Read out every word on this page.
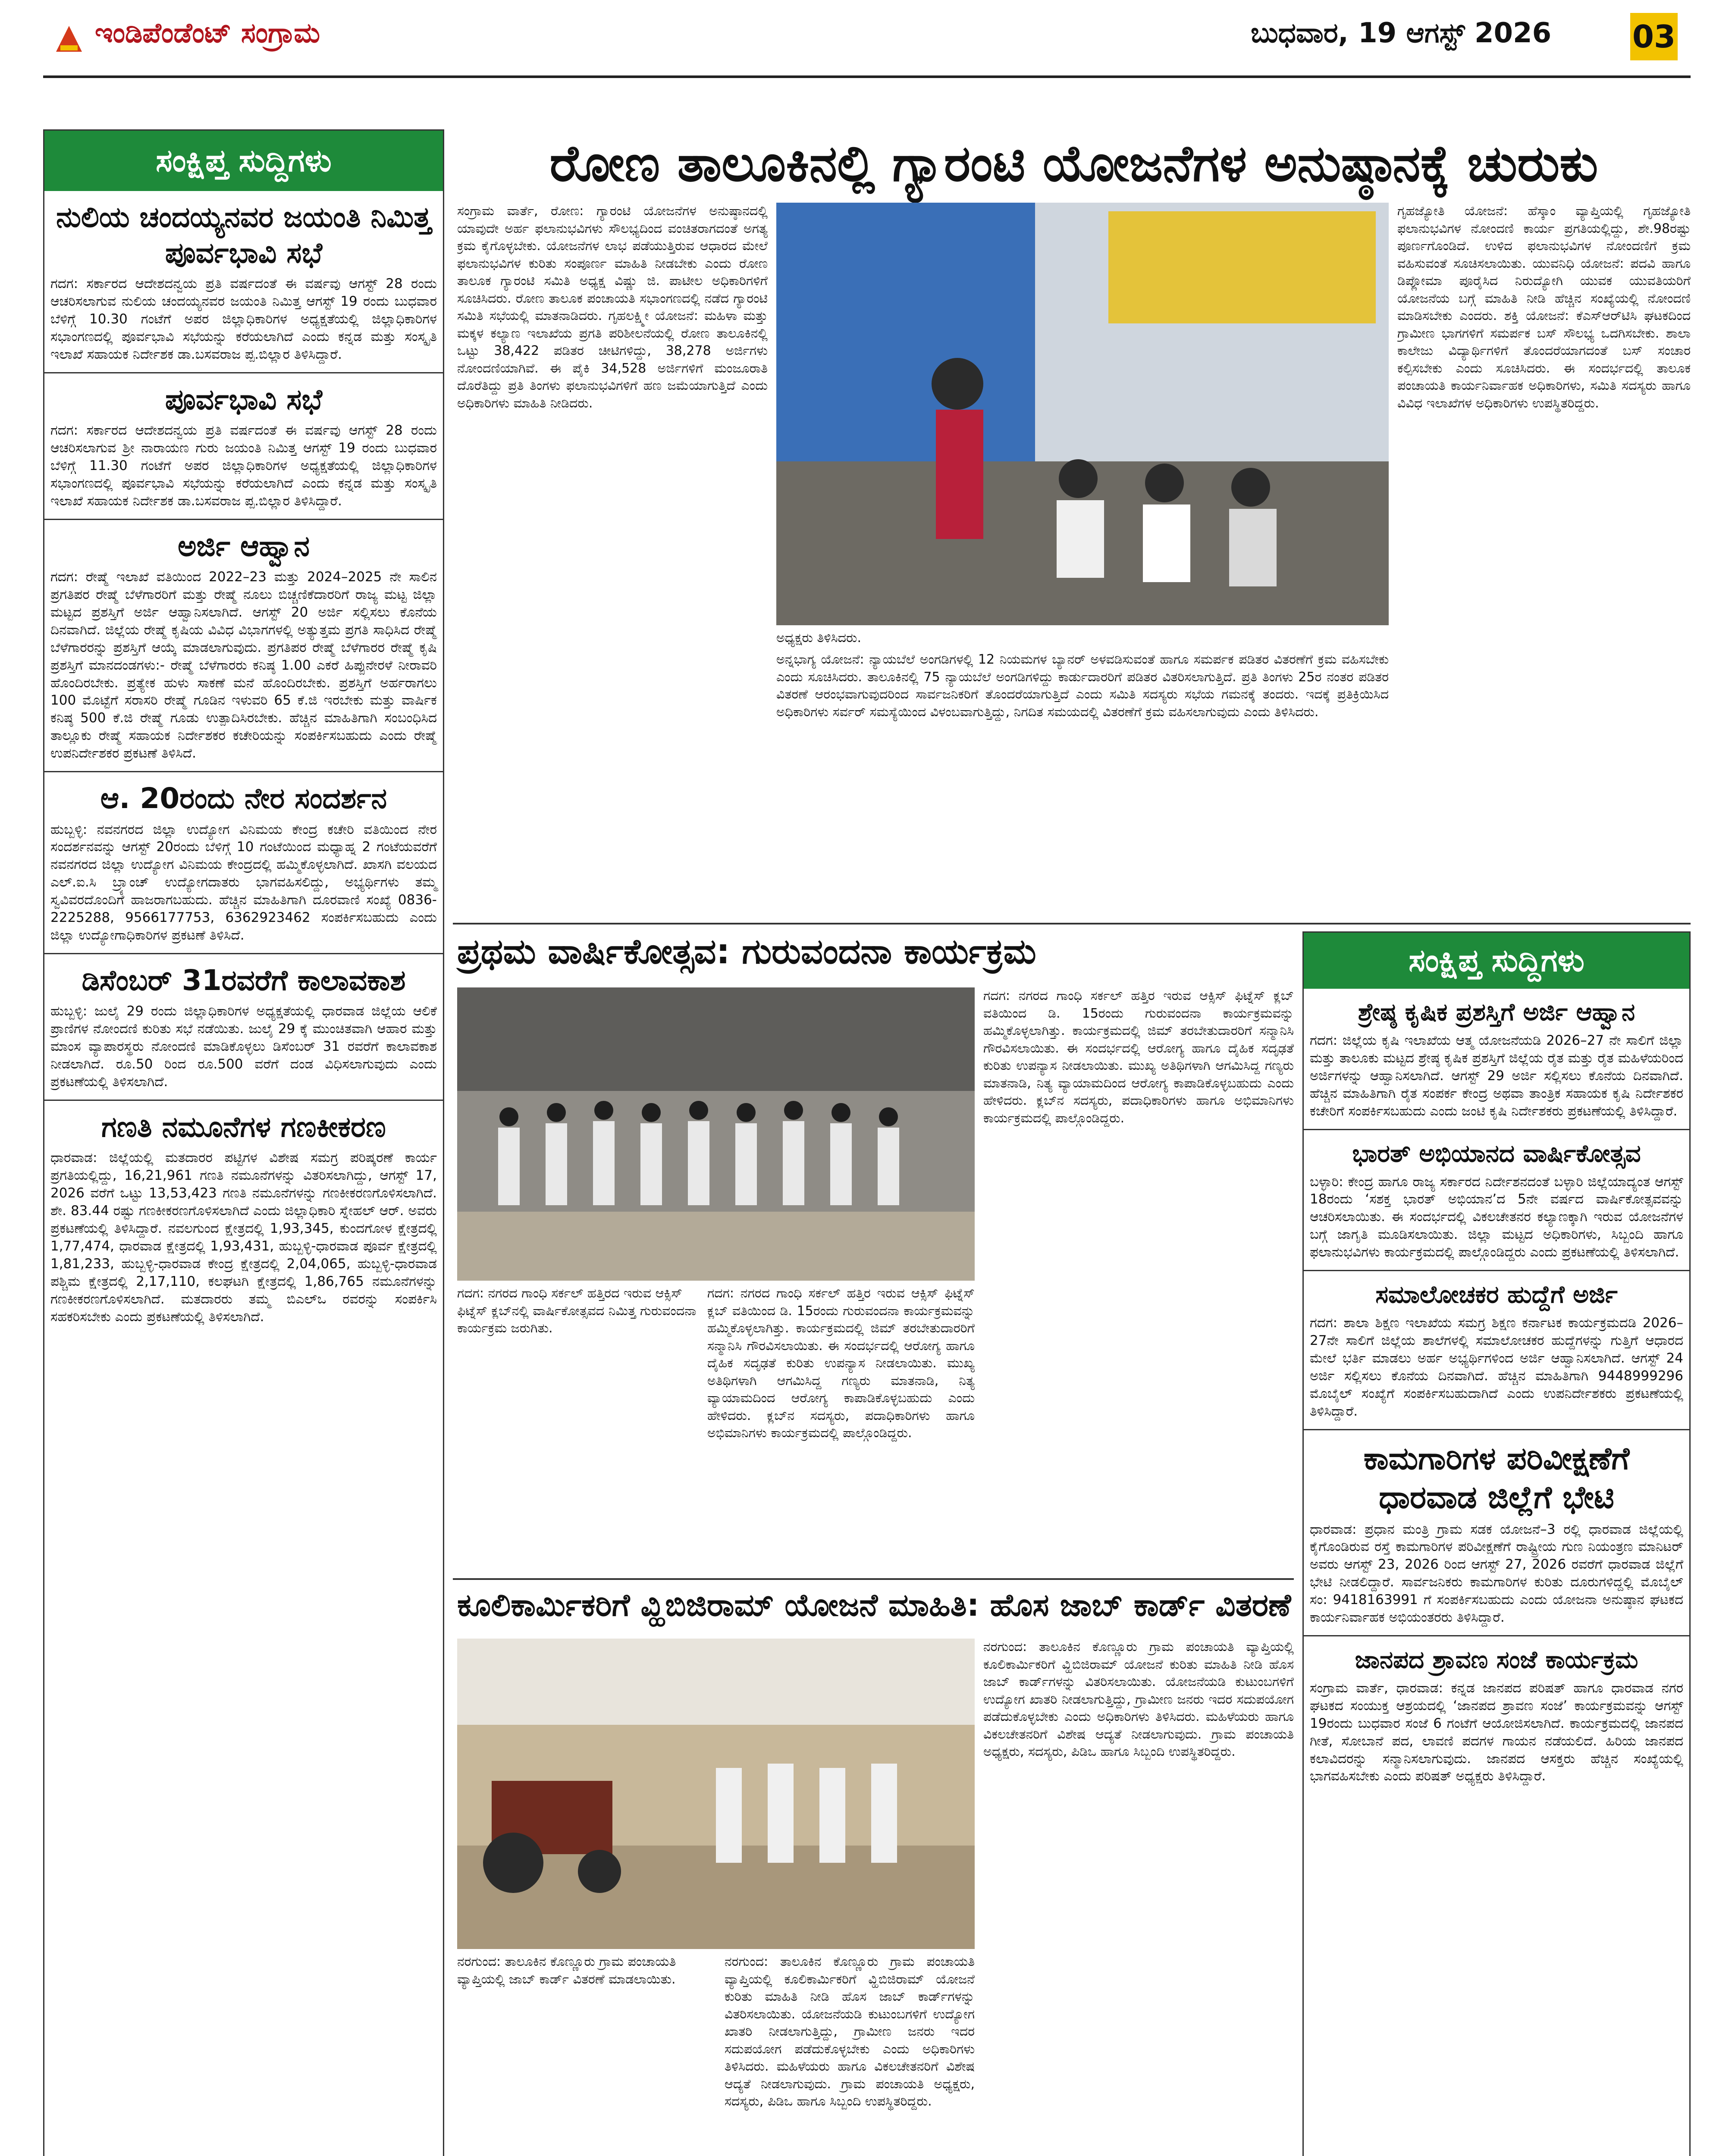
ಇಂಡಿಪೆಂಡೆಂಟ್ ಸಂಗ್ರಾಮ	ಬುಧವಾರ, 19 ಆಗಸ್ಟ್ 2026	03
ಸಂಕ್ಷಿಪ್ತ ಸುದ್ದಿಗಳು
ನುಲಿಯ ಚಂದಯ್ಯನವರ ಜಯಂತಿ ನಿಮಿತ್ತ ಪೂರ್ವಭಾವಿ ಸಭೆ

ಗದಗ: ಸರ್ಕಾರದ ಆದೇಶದನ್ವಯ ಪ್ರತಿ ವರ್ಷದಂತೆ ಈ ವರ್ಷವು ಆಗಸ್ಟ್ 28 ರಂದು ಆಚರಿಸಲಾಗುವ ನುಲಿಯ ಚಂದಯ್ಯನವರ ಜಯಂತಿ ನಿಮಿತ್ತ ಆಗಸ್ಟ್ 19 ರಂದು ಬುಧವಾರ ಬೆಳಿಗ್ಗೆ 10.30 ಗಂಟೆಗೆ ಅಪರ ಜಿಲ್ಲಾಧಿಕಾರಿಗಳ ಅಧ್ಯಕ್ಷತೆಯಲ್ಲಿ ಜಿಲ್ಲಾಧಿಕಾರಿಗಳ ಸಭಾಂಗಣದಲ್ಲಿ ಪೂರ್ವಭಾವಿ ಸಭೆಯನ್ನು ಕರೆಯಲಾಗಿದೆ ಎಂದು ಕನ್ನಡ ಮತ್ತು ಸಂಸ್ಕೃತಿ ಇಲಾಖೆ ಸಹಾಯಕ ನಿರ್ದೇಶಕ ಡಾ.ಬಸವರಾಜ ಪ್ಪ.ಬಿಲ್ಲಾರ ತಿಳಿಸಿದ್ದಾರೆ.

ಪೂರ್ವಭಾವಿ ಸಭೆ

ಗದಗ: ಸರ್ಕಾರದ ಆದೇಶದನ್ವಯ ಪ್ರತಿ ವರ್ಷದಂತೆ ಈ ವರ್ಷವು ಆಗಸ್ಟ್ 28 ರಂದು ಆಚರಿಸಲಾಗುವ ಶ್ರೀ ನಾರಾಯಣ ಗುರು ಜಯಂತಿ ನಿಮಿತ್ತ ಆಗಸ್ಟ್ 19 ರಂದು ಬುಧವಾರ ಬೆಳಿಗ್ಗೆ 11.30 ಗಂಟೆಗೆ ಅಪರ ಜಿಲ್ಲಾಧಿಕಾರಿಗಳ ಅಧ್ಯಕ್ಷತೆಯಲ್ಲಿ ಜಿಲ್ಲಾಧಿಕಾರಿಗಳ ಸಭಾಂಗಣದಲ್ಲಿ ಪೂರ್ವಭಾವಿ ಸಭೆಯನ್ನು ಕರೆಯಲಾಗಿದೆ ಎಂದು ಕನ್ನಡ ಮತ್ತು ಸಂಸ್ಕೃತಿ ಇಲಾಖೆ ಸಹಾಯಕ ನಿರ್ದೇಶಕ ಡಾ.ಬಸವರಾಜ ಪ್ಪ.ಬಿಲ್ಲಾರ ತಿಳಿಸಿದ್ದಾರೆ.

ಅರ್ಜಿ ಆಹ್ವಾನ

ಗದಗ: ರೇಷ್ಮೆ ಇಲಾಖೆ ವತಿಯಿಂದ 2022–23 ಮತ್ತು 2024–2025 ನೇ ಸಾಲಿನ ಪ್ರಗತಿಪರ ರೇಷ್ಮೆ ಬೆಳೆಗಾರರಿಗೆ ಮತ್ತು ರೇಷ್ಮೆ ನೂಲು ಬಿಚ್ಚಣಿಕೆದಾರರಿಗೆ ರಾಜ್ಯ ಮಟ್ಟ ಜಿಲ್ಲಾ ಮಟ್ಟದ ಪ್ರಶಸ್ತಿಗೆ ಅರ್ಜಿ ಆಹ್ವಾನಿಸಲಾಗಿದೆ. ಆಗಸ್ಟ್ 20 ಅರ್ಜಿ ಸಲ್ಲಿಸಲು ಕೊನೆಯ ದಿನವಾಗಿದೆ. ಜಿಲ್ಲೆಯ ರೇಷ್ಮೆ ಕೃಷಿಯ ವಿವಿಧ ವಿಭಾಗಗಳಲ್ಲಿ ಅತ್ಯುತ್ತಮ ಪ್ರಗತಿ ಸಾಧಿಸಿದ ರೇಷ್ಮೆ ಬೆಳೆಗಾರರನ್ನು ಪ್ರಶಸ್ತಿಗೆ ಆಯ್ಕೆ ಮಾಡಲಾಗುವುದು. ಪ್ರಗತಿಪರ ರೇಷ್ಮೆ ಬೆಳೆಗಾರರ ರೇಷ್ಮೆ ಕೃಷಿ ಪ್ರಶಸ್ತಿಗೆ ಮಾನದಂಡಗಳು:- ರೇಷ್ಮೆ ಬೆಳೆಗಾರರು ಕನಿಷ್ಠ 1.00 ಎಕರೆ ಹಿಪ್ಪುನೇರಳೆ ನೀರಾವರಿ ಹೊಂದಿರಬೇಕು. ಪ್ರತ್ಯೇಕ ಹುಳು ಸಾಕಣೆ ಮನೆ ಹೊಂದಿರಬೇಕು. ಪ್ರಶಸ್ತಿಗೆ ಅರ್ಹರಾಗಲು 100 ಮೊಟ್ಟೆಗೆ ಸರಾಸರಿ ರೇಷ್ಮೆ ಗೂಡಿನ ಇಳುವರಿ 65 ಕೆ.ಜಿ ಇರಬೇಕು ಮತ್ತು ವಾರ್ಷಿಕ ಕನಿಷ್ಠ 500 ಕೆ.ಜಿ ರೇಷ್ಮೆ ಗೂಡು ಉತ್ಪಾದಿಸಿರಬೇಕು. ಹೆಚ್ಚಿನ ಮಾಹಿತಿಗಾಗಿ ಸಂಬಂಧಿಸಿದ ತಾಲ್ಲೂಕು ರೇಷ್ಮೆ ಸಹಾಯಕ ನಿರ್ದೇಶಕರ ಕಚೇರಿಯನ್ನು ಸಂಪರ್ಕಿಸಬಹುದು ಎಂದು ರೇಷ್ಮೆ ಉಪನಿರ್ದೇಶಕರ ಪ್ರಕಟಣೆ ತಿಳಿಸಿದೆ.

ಆ. 20ರಂದು ನೇರ ಸಂದರ್ಶನ

ಹುಬ್ಬಳ್ಳಿ: ನವನಗರದ ಜಿಲ್ಲಾ ಉದ್ಯೋಗ ವಿನಿಮಯ ಕೇಂದ್ರ ಕಚೇರಿ ವತಿಯಿಂದ ನೇರ ಸಂದರ್ಶನವನ್ನು ಆಗಸ್ಟ್ 20ರಂದು ಬೆಳಿಗ್ಗೆ 10 ಗಂಟೆಯಿಂದ ಮಧ್ಯಾಹ್ನ 2 ಗಂಟೆಯವರೆಗೆ ನವನಗರದ ಜಿಲ್ಲಾ ಉದ್ಯೋಗ ವಿನಿಮಯ ಕೇಂದ್ರದಲ್ಲಿ ಹಮ್ಮಿಕೊಳ್ಳಲಾಗಿದೆ. ಖಾಸಗಿ ವಲಯದ ಎಲ್.ಐ.ಸಿ ಬ್ರ್ಯಾಂಚ್ ಉದ್ಯೋಗದಾತರು ಭಾಗವಹಿಸಲಿದ್ದು, ಅಭ್ಯರ್ಥಿಗಳು ತಮ್ಮ ಸ್ವವಿವರದೊಂದಿಗೆ ಹಾಜರಾಗಬಹುದು. ಹೆಚ್ಚಿನ ಮಾಹಿತಿಗಾಗಿ ದೂರವಾಣಿ ಸಂಖ್ಯೆ 0836-2225288, 9566177753, 6362923462 ಸಂಪರ್ಕಿಸಬಹುದು ಎಂದು ಜಿಲ್ಲಾ ಉದ್ಯೋಗಾಧಿಕಾರಿಗಳ ಪ್ರಕಟಣೆ ತಿಳಿಸಿದೆ.

ಡಿಸೆಂಬರ್ 31ರವರೆಗೆ ಕಾಲಾವಕಾಶ

ಹುಬ್ಬಳ್ಳಿ: ಜುಲೈ 29 ರಂದು ಜಿಲ್ಲಾಧಿಕಾರಿಗಳ ಅಧ್ಯಕ್ಷತೆಯಲ್ಲಿ ಧಾರವಾಡ ಜಿಲ್ಲೆಯ ಆಲಿಕೆ ಪ್ರಾಣಿಗಳ ನೋಂದಣಿ ಕುರಿತು ಸಭೆ ನಡೆಯಿತು. ಜುಲೈ 29 ಕ್ಕೆ ಮುಂಚಿತವಾಗಿ ಆಹಾರ ಮತ್ತು ಮಾಂಸ ವ್ಯಾಪಾರಸ್ಥರು ನೋಂದಣಿ ಮಾಡಿಕೊಳ್ಳಲು ಡಿಸೆಂಬರ್ 31 ರವರೆಗೆ ಕಾಲಾವಕಾಶ ನೀಡಲಾಗಿದೆ. ರೂ.50 ರಿಂದ ರೂ.500 ವರೆಗೆ ದಂಡ ವಿಧಿಸಲಾಗುವುದು ಎಂದು ಪ್ರಕಟಣೆಯಲ್ಲಿ ತಿಳಿಸಲಾಗಿದೆ.

ಗಣತಿ ನಮೂನೆಗಳ ಗಣಕೀಕರಣ

ಧಾರವಾಡ: ಜಿಲ್ಲೆಯಲ್ಲಿ ಮತದಾರರ ಪಟ್ಟಿಗಳ ವಿಶೇಷ ಸಮಗ್ರ ಪರಿಷ್ಕರಣೆ ಕಾರ್ಯ ಪ್ರಗತಿಯಲ್ಲಿದ್ದು, 16,21,961 ಗಣತಿ ನಮೂನೆಗಳನ್ನು ವಿತರಿಸಲಾಗಿದ್ದು, ಆಗಸ್ಟ್ 17, 2026 ವರೆಗೆ ಒಟ್ಟು 13,53,423 ಗಣತಿ ನಮೂನೆಗಳನ್ನು ಗಣಕೀಕರಣಗೊಳಿಸಲಾಗಿದೆ. ಶೇ. 83.44 ರಷ್ಟು ಗಣಕೀಕರಣಗೊಳಿಸಲಾಗಿದೆ ಎಂದು ಜಿಲ್ಲಾಧಿಕಾರಿ ಸ್ನೇಹಲ್ ಆರ್. ಅವರು ಪ್ರಕಟಣೆಯಲ್ಲಿ ತಿಳಿಸಿದ್ದಾರೆ. ನವಲಗುಂದ ಕ್ಷೇತ್ರದಲ್ಲಿ 1,93,345, ಕುಂದಗೋಳ ಕ್ಷೇತ್ರದಲ್ಲಿ 1,77,474, ಧಾರವಾಡ ಕ್ಷೇತ್ರದಲ್ಲಿ 1,93,431, ಹುಬ್ಬಳ್ಳಿ-ಧಾರವಾಡ ಪೂರ್ವ ಕ್ಷೇತ್ರದಲ್ಲಿ 1,81,233, ಹುಬ್ಬಳ್ಳಿ-ಧಾರವಾಡ ಕೇಂದ್ರ ಕ್ಷೇತ್ರದಲ್ಲಿ 2,04,065, ಹುಬ್ಬಳ್ಳಿ-ಧಾರವಾಡ ಪಶ್ಚಿಮ ಕ್ಷೇತ್ರದಲ್ಲಿ 2,17,110, ಕಲಘಟಗಿ ಕ್ಷೇತ್ರದಲ್ಲಿ 1,86,765 ನಮೂನೆಗಳನ್ನು ಗಣಕೀಕರಣಗೊಳಿಸಲಾಗಿದೆ. ಮತದಾರರು ತಮ್ಮ ಬಿಎಲ್‌ಒ ರವರನ್ನು ಸಂಪರ್ಕಿಸಿ ಸಹಕರಿಸಬೇಕು ಎಂದು ಪ್ರಕಟಣೆಯಲ್ಲಿ ತಿಳಿಸಲಾಗಿದೆ.

ರೋಣ ತಾಲೂಕಿನಲ್ಲಿ ಗ್ಯಾರಂಟಿ ಯೋಜನೆಗಳ ಅನುಷ್ಠಾನಕ್ಕೆ ಚುರುಕು
ಸಂಗ್ರಾಮ ವಾರ್ತೆ, ರೋಣ: ಗ್ಯಾರಂಟಿ ಯೋಜನೆಗಳ ಅನುಷ್ಠಾನದಲ್ಲಿ ಯಾವುದೇ ಅರ್ಹ ಫಲಾನುಭವಿಗಳು ಸೌಲಭ್ಯದಿಂದ ವಂಚಿತರಾಗದಂತೆ ಅಗತ್ಯ ಕ್ರಮ ಕೈಗೊಳ್ಳಬೇಕು. ಯೋಜನೆಗಳ ಲಾಭ ಪಡೆಯುತ್ತಿರುವ ಆಧಾರದ ಮೇಲೆ ಫಲಾನುಭವಿಗಳ ಕುರಿತು ಸಂಪೂರ್ಣ ಮಾಹಿತಿ ನೀಡಬೇಕು ಎಂದು ರೋಣ ತಾಲೂಕ ಗ್ಯಾರಂಟಿ ಸಮಿತಿ ಅಧ್ಯಕ್ಷ ವಿಷ್ಣು ಜಿ. ಪಾಟೀಲ ಅಧಿಕಾರಿಗಳಿಗೆ ಸೂಚಿಸಿದರು. ರೋಣ ತಾಲೂಕ ಪಂಚಾಯತಿ ಸಭಾಂಗಣದಲ್ಲಿ ನಡೆದ ಗ್ಯಾರಂಟಿ ಸಮಿತಿ ಸಭೆಯಲ್ಲಿ ಮಾತನಾಡಿದರು. ಗೃಹಲಕ್ಷ್ಮೀ ಯೋಜನೆ: ಮಹಿಳಾ ಮತ್ತು ಮಕ್ಕಳ ಕಲ್ಯಾಣ ಇಲಾಖೆಯ ಪ್ರಗತಿ ಪರಿಶೀಲನೆಯಲ್ಲಿ ರೋಣ ತಾಲೂಕಿನಲ್ಲಿ ಒಟ್ಟು 38,422 ಪಡಿತರ ಚೀಟಿಗಳಿದ್ದು, 38,278 ಅರ್ಜಿಗಳು ನೋಂದಣಿಯಾಗಿವೆ. ಈ ಪೈಕಿ 34,528 ಅರ್ಜಿಗಳಿಗೆ ಮಂಜೂರಾತಿ ದೊರೆತಿದ್ದು ಪ್ರತಿ ತಿಂಗಳು ಫಲಾನುಭವಿಗಳಿಗೆ ಹಣ ಜಮೆಯಾಗುತ್ತಿದೆ ಎಂದು ಅಧಿಕಾರಿಗಳು ಮಾಹಿತಿ ನೀಡಿದರು.
ಅಧ್ಯಕ್ಷರು ತಿಳಿಸಿದರು.
ಅನ್ನಭಾಗ್ಯ ಯೋಜನೆ: ನ್ಯಾಯಬೆಲೆ ಅಂಗಡಿಗಳಲ್ಲಿ 12 ನಿಯಮಗಳ ಬ್ಯಾನರ್ ಅಳವಡಿಸುವಂತೆ ಹಾಗೂ ಸಮರ್ಪಕ ಪಡಿತರ ವಿತರಣೆಗೆ ಕ್ರಮ ವಹಿಸಬೇಕು ಎಂದು ಸೂಚಿಸಿದರು. ತಾಲೂಕಿನಲ್ಲಿ 75 ನ್ಯಾಯಬೆಲೆ ಅಂಗಡಿಗಳಿದ್ದು ಕಾರ್ಡುದಾರರಿಗೆ ಪಡಿತರ ವಿತರಿಸಲಾಗುತ್ತಿದೆ. ಪ್ರತಿ ತಿಂಗಳು 25ರ ನಂತರ ಪಡಿತರ ವಿತರಣೆ ಆರಂಭವಾಗುವುದರಿಂದ ಸಾರ್ವಜನಿಕರಿಗೆ ತೊಂದರೆಯಾಗುತ್ತಿದೆ ಎಂದು ಸಮಿತಿ ಸದಸ್ಯರು ಸಭೆಯ ಗಮನಕ್ಕೆ ತಂದರು. ಇದಕ್ಕೆ ಪ್ರತಿಕ್ರಿಯಿಸಿದ ಅಧಿಕಾರಿಗಳು ಸರ್ವರ್ ಸಮಸ್ಯೆಯಿಂದ ವಿಳಂಬವಾಗುತ್ತಿದ್ದು, ನಿಗದಿತ ಸಮಯದಲ್ಲಿ ವಿತರಣೆಗೆ ಕ್ರಮ ವಹಿಸಲಾಗುವುದು ಎಂದು ತಿಳಿಸಿದರು.
ಗೃಹಜ್ಯೋತಿ ಯೋಜನೆ: ಹೆಸ್ಕಾಂ ವ್ಯಾಪ್ತಿಯಲ್ಲಿ ಗೃಹಜ್ಯೋತಿ ಫಲಾನುಭವಿಗಳ ನೋಂದಣಿ ಕಾರ್ಯ ಪ್ರಗತಿಯಲ್ಲಿದ್ದು, ಶೇ.98ರಷ್ಟು ಪೂರ್ಣಗೊಂಡಿದೆ. ಉಳಿದ ಫಲಾನುಭವಿಗಳ ನೋಂದಣಿಗೆ ಕ್ರಮ ವಹಿಸುವಂತೆ ಸೂಚಿಸಲಾಯಿತು. ಯುವನಿಧಿ ಯೋಜನೆ: ಪದವಿ ಹಾಗೂ ಡಿಪ್ಲೋಮಾ ಪೂರೈಸಿದ ನಿರುದ್ಯೋಗಿ ಯುವಕ ಯುವತಿಯರಿಗೆ ಯೋಜನೆಯ ಬಗ್ಗೆ ಮಾಹಿತಿ ನೀಡಿ ಹೆಚ್ಚಿನ ಸಂಖ್ಯೆಯಲ್ಲಿ ನೋಂದಣಿ ಮಾಡಿಸಬೇಕು ಎಂದರು. ಶಕ್ತಿ ಯೋಜನೆ: ಕೆಎಸ್ಆರ್‌ಟಿಸಿ ಘಟಕದಿಂದ ಗ್ರಾಮೀಣ ಭಾಗಗಳಿಗೆ ಸಮರ್ಪಕ ಬಸ್ ಸೌಲಭ್ಯ ಒದಗಿಸಬೇಕು. ಶಾಲಾ ಕಾಲೇಜು ವಿದ್ಯಾರ್ಥಿಗಳಿಗೆ ತೊಂದರೆಯಾಗದಂತೆ ಬಸ್ ಸಂಚಾರ ಕಲ್ಪಿಸಬೇಕು ಎಂದು ಸೂಚಿಸಿದರು. ಈ ಸಂದರ್ಭದಲ್ಲಿ ತಾಲೂಕ ಪಂಚಾಯತಿ ಕಾರ್ಯನಿರ್ವಾಹಕ ಅಧಿಕಾರಿಗಳು, ಸಮಿತಿ ಸದಸ್ಯರು ಹಾಗೂ ವಿವಿಧ ಇಲಾಖೆಗಳ ಅಧಿಕಾರಿಗಳು ಉಪಸ್ಥಿತರಿದ್ದರು.
ಪ್ರಥಮ ವಾರ್ಷಿಕೋತ್ಸವ: ಗುರುವಂದನಾ ಕಾರ್ಯಕ್ರಮ
ಗದಗ: ನಗರದ ಗಾಂಧಿ ಸರ್ಕಲ್ ಹತ್ತಿರದ ಇರುವ ಆಕ್ಸಿಸ್ ಫಿಟ್ನೆಸ್ ಕ್ಲಬ್‌ನಲ್ಲಿ ವಾರ್ಷಿಕೋತ್ಸವದ ನಿಮಿತ್ತ ಗುರುವಂದನಾ ಕಾರ್ಯಕ್ರಮ ಜರುಗಿತು.
ಗದಗ: ನಗರದ ಗಾಂಧಿ ಸರ್ಕಲ್ ಹತ್ತಿರ ಇರುವ ಆಕ್ಸಿಸ್ ಫಿಟ್ನೆಸ್ ಕ್ಲಬ್ ವತಿಯಿಂದ ಡಿ. 15ರಂದು ಗುರುವಂದನಾ ಕಾರ್ಯಕ್ರಮವನ್ನು ಹಮ್ಮಿಕೊಳ್ಳಲಾಗಿತ್ತು. ಕಾರ್ಯಕ್ರಮದಲ್ಲಿ ಜಿಮ್ ತರಬೇತುದಾರರಿಗೆ ಸನ್ಮಾನಿಸಿ ಗೌರವಿಸಲಾಯಿತು. ಈ ಸಂದರ್ಭದಲ್ಲಿ ಆರೋಗ್ಯ ಹಾಗೂ ದೈಹಿಕ ಸದೃಢತೆ ಕುರಿತು ಉಪನ್ಯಾಸ ನೀಡಲಾಯಿತು. ಮುಖ್ಯ ಅತಿಥಿಗಳಾಗಿ ಆಗಮಿಸಿದ್ದ ಗಣ್ಯರು ಮಾತನಾಡಿ, ನಿತ್ಯ ವ್ಯಾಯಾಮದಿಂದ ಆರೋಗ್ಯ ಕಾಪಾಡಿಕೊಳ್ಳಬಹುದು ಎಂದು ಹೇಳಿದರು. ಕ್ಲಬ್‌ನ ಸದಸ್ಯರು, ಪದಾಧಿಕಾರಿಗಳು ಹಾಗೂ ಅಭಿಮಾನಿಗಳು ಕಾರ್ಯಕ್ರಮದಲ್ಲಿ ಪಾಲ್ಗೊಂಡಿದ್ದರು.
ಗದಗ: ನಗರದ ಗಾಂಧಿ ಸರ್ಕಲ್ ಹತ್ತಿರ ಇರುವ ಆಕ್ಸಿಸ್ ಫಿಟ್ನೆಸ್ ಕ್ಲಬ್ ವತಿಯಿಂದ ಡಿ. 15ರಂದು ಗುರುವಂದನಾ ಕಾರ್ಯಕ್ರಮವನ್ನು ಹಮ್ಮಿಕೊಳ್ಳಲಾಗಿತ್ತು. ಕಾರ್ಯಕ್ರಮದಲ್ಲಿ ಜಿಮ್ ತರಬೇತುದಾರರಿಗೆ ಸನ್ಮಾನಿಸಿ ಗೌರವಿಸಲಾಯಿತು. ಈ ಸಂದರ್ಭದಲ್ಲಿ ಆರೋಗ್ಯ ಹಾಗೂ ದೈಹಿಕ ಸದೃಢತೆ ಕುರಿತು ಉಪನ್ಯಾಸ ನೀಡಲಾಯಿತು. ಮುಖ್ಯ ಅತಿಥಿಗಳಾಗಿ ಆಗಮಿಸಿದ್ದ ಗಣ್ಯರು ಮಾತನಾಡಿ, ನಿತ್ಯ ವ್ಯಾಯಾಮದಿಂದ ಆರೋಗ್ಯ ಕಾಪಾಡಿಕೊಳ್ಳಬಹುದು ಎಂದು ಹೇಳಿದರು. ಕ್ಲಬ್‌ನ ಸದಸ್ಯರು, ಪದಾಧಿಕಾರಿಗಳು ಹಾಗೂ ಅಭಿಮಾನಿಗಳು ಕಾರ್ಯಕ್ರಮದಲ್ಲಿ ಪಾಲ್ಗೊಂಡಿದ್ದರು.
ಕೂಲಿಕಾರ್ಮಿಕರಿಗೆ ವ್ಹಿಬಿಜಿರಾಮ್ ಯೋಜನೆ ಮಾಹಿತಿ: ಹೊಸ ಜಾಬ್ ಕಾರ್ಡ್ ವಿತರಣೆ
ನರಗುಂದ: ತಾಲೂಕಿನ ಕೊಣ್ಣೂರು ಗ್ರಾಮ ಪಂಚಾಯತಿ ವ್ಯಾಪ್ತಿಯಲ್ಲಿ ಜಾಬ್ ಕಾರ್ಡ್ ವಿತರಣೆ ಮಾಡಲಾಯಿತು.
ನರಗುಂದ: ತಾಲೂಕಿನ ಕೊಣ್ಣೂರು ಗ್ರಾಮ ಪಂಚಾಯತಿ ವ್ಯಾಪ್ತಿಯಲ್ಲಿ ಕೂಲಿಕಾರ್ಮಿಕರಿಗೆ ವ್ಹಿಬಿಜಿರಾಮ್ ಯೋಜನೆ ಕುರಿತು ಮಾಹಿತಿ ನೀಡಿ ಹೊಸ ಜಾಬ್ ಕಾರ್ಡ್‌ಗಳನ್ನು ವಿತರಿಸಲಾಯಿತು. ಯೋಜನೆಯಡಿ ಕುಟುಂಬಗಳಿಗೆ ಉದ್ಯೋಗ ಖಾತರಿ ನೀಡಲಾಗುತ್ತಿದ್ದು, ಗ್ರಾಮೀಣ ಜನರು ಇದರ ಸದುಪಯೋಗ ಪಡೆದುಕೊಳ್ಳಬೇಕು ಎಂದು ಅಧಿಕಾರಿಗಳು ತಿಳಿಸಿದರು. ಮಹಿಳೆಯರು ಹಾಗೂ ವಿಕಲಚೇತನರಿಗೆ ವಿಶೇಷ ಆದ್ಯತೆ ನೀಡಲಾಗುವುದು. ಗ್ರಾಮ ಪಂಚಾಯತಿ ಅಧ್ಯಕ್ಷರು, ಸದಸ್ಯರು, ಪಿಡಿಒ ಹಾಗೂ ಸಿಬ್ಬಂದಿ ಉಪಸ್ಥಿತರಿದ್ದರು.
ನರಗುಂದ: ತಾಲೂಕಿನ ಕೊಣ್ಣೂರು ಗ್ರಾಮ ಪಂಚಾಯತಿ ವ್ಯಾಪ್ತಿಯಲ್ಲಿ ಕೂಲಿಕಾರ್ಮಿಕರಿಗೆ ವ್ಹಿಬಿಜಿರಾಮ್ ಯೋಜನೆ ಕುರಿತು ಮಾಹಿತಿ ನೀಡಿ ಹೊಸ ಜಾಬ್ ಕಾರ್ಡ್‌ಗಳನ್ನು ವಿತರಿಸಲಾಯಿತು. ಯೋಜನೆಯಡಿ ಕುಟುಂಬಗಳಿಗೆ ಉದ್ಯೋಗ ಖಾತರಿ ನೀಡಲಾಗುತ್ತಿದ್ದು, ಗ್ರಾಮೀಣ ಜನರು ಇದರ ಸದುಪಯೋಗ ಪಡೆದುಕೊಳ್ಳಬೇಕು ಎಂದು ಅಧಿಕಾರಿಗಳು ತಿಳಿಸಿದರು. ಮಹಿಳೆಯರು ಹಾಗೂ ವಿಕಲಚೇತನರಿಗೆ ವಿಶೇಷ ಆದ್ಯತೆ ನೀಡಲಾಗುವುದು. ಗ್ರಾಮ ಪಂಚಾಯತಿ ಅಧ್ಯಕ್ಷರು, ಸದಸ್ಯರು, ಪಿಡಿಒ ಹಾಗೂ ಸಿಬ್ಬಂದಿ ಉಪಸ್ಥಿತರಿದ್ದರು.
ಸಂಕ್ಷಿಪ್ತ ಸುದ್ದಿಗಳು
ಶ್ರೇಷ್ಠ ಕೃಷಿಕ ಪ್ರಶಸ್ತಿಗೆ ಅರ್ಜಿ ಆಹ್ವಾನ

ಗದಗ: ಜಿಲ್ಲೆಯ ಕೃಷಿ ಇಲಾಖೆಯ ಆತ್ಮ ಯೋಜನೆಯಡಿ 2026–27 ನೇ ಸಾಲಿಗೆ ಜಿಲ್ಲಾ ಮತ್ತು ತಾಲೂಕು ಮಟ್ಟದ ಶ್ರೇಷ್ಠ ಕೃಷಿಕ ಪ್ರಶಸ್ತಿಗೆ ಜಿಲ್ಲೆಯ ರೈತ ಮತ್ತು ರೈತ ಮಹಿಳೆಯರಿಂದ ಅರ್ಜಿಗಳನ್ನು ಆಹ್ವಾನಿಸಲಾಗಿದೆ. ಆಗಸ್ಟ್ 29 ಅರ್ಜಿ ಸಲ್ಲಿಸಲು ಕೊನೆಯ ದಿನವಾಗಿದೆ. ಹೆಚ್ಚಿನ ಮಾಹಿತಿಗಾಗಿ ರೈತ ಸಂಪರ್ಕ ಕೇಂದ್ರ ಅಥವಾ ತಾಂತ್ರಿಕ ಸಹಾಯಕ ಕೃಷಿ ನಿರ್ದೇಶಕರ ಕಚೇರಿಗೆ ಸಂಪರ್ಕಿಸಬಹುದು ಎಂದು ಜಂಟಿ ಕೃಷಿ ನಿರ್ದೇಶಕರು ಪ್ರಕಟಣೆಯಲ್ಲಿ ತಿಳಿಸಿದ್ದಾರೆ.

ಭಾರತ್ ಅಭಿಯಾನದ ವಾರ್ಷಿಕೋತ್ಸವ

ಬಳ್ಳಾರಿ: ಕೇಂದ್ರ ಹಾಗೂ ರಾಜ್ಯ ಸರ್ಕಾರದ ನಿರ್ದೇಶನದಂತೆ ಬಳ್ಳಾರಿ ಜಿಲ್ಲೆಯಾದ್ಯಂತ ಆಗಸ್ಟ್ 18ರಂದು ‘ಸಶಕ್ತ ಭಾರತ್ ಅಭಿಯಾನ’ದ 5ನೇ ವರ್ಷದ ವಾರ್ಷಿಕೋತ್ಸವವನ್ನು ಆಚರಿಸಲಾಯಿತು. ಈ ಸಂದರ್ಭದಲ್ಲಿ ವಿಕಲಚೇತನರ ಕಲ್ಯಾಣಕ್ಕಾಗಿ ಇರುವ ಯೋಜನೆಗಳ ಬಗ್ಗೆ ಜಾಗೃತಿ ಮೂಡಿಸಲಾಯಿತು. ಜಿಲ್ಲಾ ಮಟ್ಟದ ಅಧಿಕಾರಿಗಳು, ಸಿಬ್ಬಂದಿ ಹಾಗೂ ಫಲಾನುಭವಿಗಳು ಕಾರ್ಯಕ್ರಮದಲ್ಲಿ ಪಾಲ್ಗೊಂಡಿದ್ದರು ಎಂದು ಪ್ರಕಟಣೆಯಲ್ಲಿ ತಿಳಿಸಲಾಗಿದೆ.

ಸಮಾಲೋಚಕರ ಹುದ್ದೆಗೆ ಅರ್ಜಿ

ಗದಗ: ಶಾಲಾ ಶಿಕ್ಷಣ ಇಲಾಖೆಯ ಸಮಗ್ರ ಶಿಕ್ಷಣ ಕರ್ನಾಟಕ ಕಾರ್ಯಕ್ರಮದಡಿ 2026–27ನೇ ಸಾಲಿಗೆ ಜಿಲ್ಲೆಯ ಶಾಲೆಗಳಲ್ಲಿ ಸಮಾಲೋಚಕರ ಹುದ್ದೆಗಳನ್ನು ಗುತ್ತಿಗೆ ಆಧಾರದ ಮೇಲೆ ಭರ್ತಿ ಮಾಡಲು ಅರ್ಹ ಅಭ್ಯರ್ಥಿಗಳಿಂದ ಅರ್ಜಿ ಆಹ್ವಾನಿಸಲಾಗಿದೆ. ಆಗಸ್ಟ್ 24 ಅರ್ಜಿ ಸಲ್ಲಿಸಲು ಕೊನೆಯ ದಿನವಾಗಿದೆ. ಹೆಚ್ಚಿನ ಮಾಹಿತಿಗಾಗಿ 9448999296 ಮೊಬೈಲ್ ಸಂಖ್ಯೆಗೆ ಸಂಪರ್ಕಿಸಬಹುದಾಗಿದೆ ಎಂದು ಉಪನಿರ್ದೇಶಕರು ಪ್ರಕಟಣೆಯಲ್ಲಿ ತಿಳಿಸಿದ್ದಾರೆ.

ಕಾಮಗಾರಿಗಳ ಪರಿವೀಕ್ಷಣೆಗೆ ಧಾರವಾಡ ಜಿಲ್ಲೆಗೆ ಭೇಟಿ

ಧಾರವಾಡ: ಪ್ರಧಾನ ಮಂತ್ರಿ ಗ್ರಾಮ ಸಡಕ ಯೋಜನೆ–3 ರಲ್ಲಿ ಧಾರವಾಡ ಜಿಲ್ಲೆಯಲ್ಲಿ ಕೈಗೊಂಡಿರುವ ರಸ್ತೆ ಕಾಮಗಾರಿಗಳ ಪರಿವೀಕ್ಷಣೆಗೆ ರಾಷ್ಟ್ರೀಯ ಗುಣ ನಿಯಂತ್ರಣ ಮಾನಿಟರ್ ಅವರು ಆಗಸ್ಟ್ 23, 2026 ರಿಂದ ಆಗಸ್ಟ್ 27, 2026 ರವರೆಗೆ ಧಾರವಾಡ ಜಿಲ್ಲೆಗೆ ಭೇಟಿ ನೀಡಲಿದ್ದಾರೆ. ಸಾರ್ವಜನಿಕರು ಕಾಮಗಾರಿಗಳ ಕುರಿತು ದೂರುಗಳಿದ್ದಲ್ಲಿ ಮೊಬೈಲ್ ಸಂ: 9418163991 ಗೆ ಸಂಪರ್ಕಿಸಬಹುದು ಎಂದು ಯೋಜನಾ ಅನುಷ್ಠಾನ ಘಟಕದ ಕಾರ್ಯನಿರ್ವಾಹಕ ಅಭಿಯಂತರರು ತಿಳಿಸಿದ್ದಾರೆ.

ಜಾನಪದ ಶ್ರಾವಣ ಸಂಜೆ ಕಾರ್ಯಕ್ರಮ

ಸಂಗ್ರಾಮ ವಾರ್ತೆ, ಧಾರವಾಡ: ಕನ್ನಡ ಜಾನಪದ ಪರಿಷತ್ ಹಾಗೂ ಧಾರವಾಡ ನಗರ ಘಟಕದ ಸಂಯುಕ್ತ ಆಶ್ರಯದಲ್ಲಿ ‘ಜಾನಪದ ಶ್ರಾವಣ ಸಂಜೆ’ ಕಾರ್ಯಕ್ರಮವನ್ನು ಆಗಸ್ಟ್ 19ರಂದು ಬುಧವಾರ ಸಂಜೆ 6 ಗಂಟೆಗೆ ಆಯೋಜಿಸಲಾಗಿದೆ. ಕಾರ್ಯಕ್ರಮದಲ್ಲಿ ಜಾನಪದ ಗೀತೆ, ಸೋಬಾನೆ ಪದ, ಲಾವಣಿ ಪದಗಳ ಗಾಯನ ನಡೆಯಲಿದೆ. ಹಿರಿಯ ಜಾನಪದ ಕಲಾವಿದರನ್ನು ಸನ್ಮಾನಿಸಲಾಗುವುದು. ಜಾನಪದ ಆಸಕ್ತರು ಹೆಚ್ಚಿನ ಸಂಖ್ಯೆಯಲ್ಲಿ ಭಾಗವಹಿಸಬೇಕು ಎಂದು ಪರಿಷತ್ ಅಧ್ಯಕ್ಷರು ತಿಳಿಸಿದ್ದಾರೆ.
